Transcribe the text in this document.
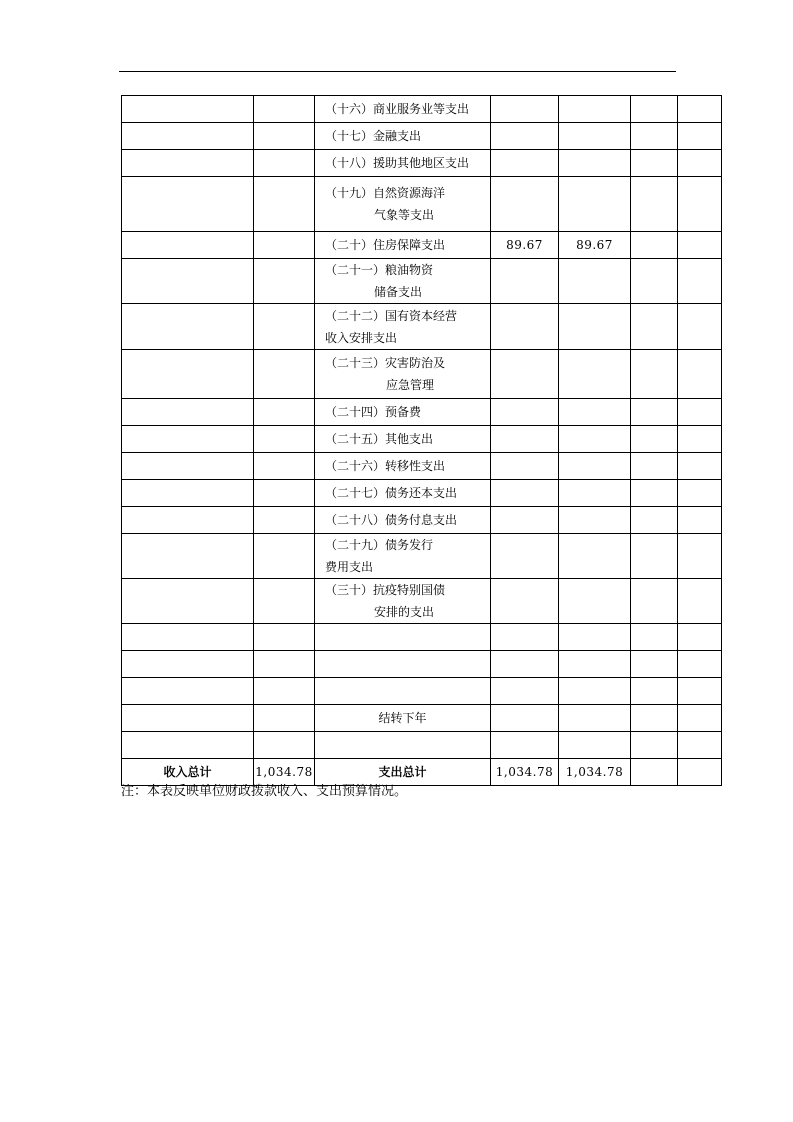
		（十六）商业服务业等支出				
		（十七）金融支出				
		（十八）援助其他地区支出				

		（十九）自然资源海洋
气象等支出				

		（二十）住房保障支出	89.67	89.67		

		（二十一）粮油物资
储备支出				

		（二十二）国有资本经营
收入安排支出				

		（二十三）灾害防治及
应急管理				

		（二十四）预备费				
		（二十五）其他支出				
		（二十六）转移性支出				
		（二十七）债务还本支出				
		（二十八）债务付息支出				

		（二十九）债务发行
费用支出				

		（三十）抗疫特别国债
安排的支出				

		结转下年				

收入总计	1,034.78	支出总计	1,034.78	1,034.78		
注：本表反映单位财政拨款收入、支出预算情况。
